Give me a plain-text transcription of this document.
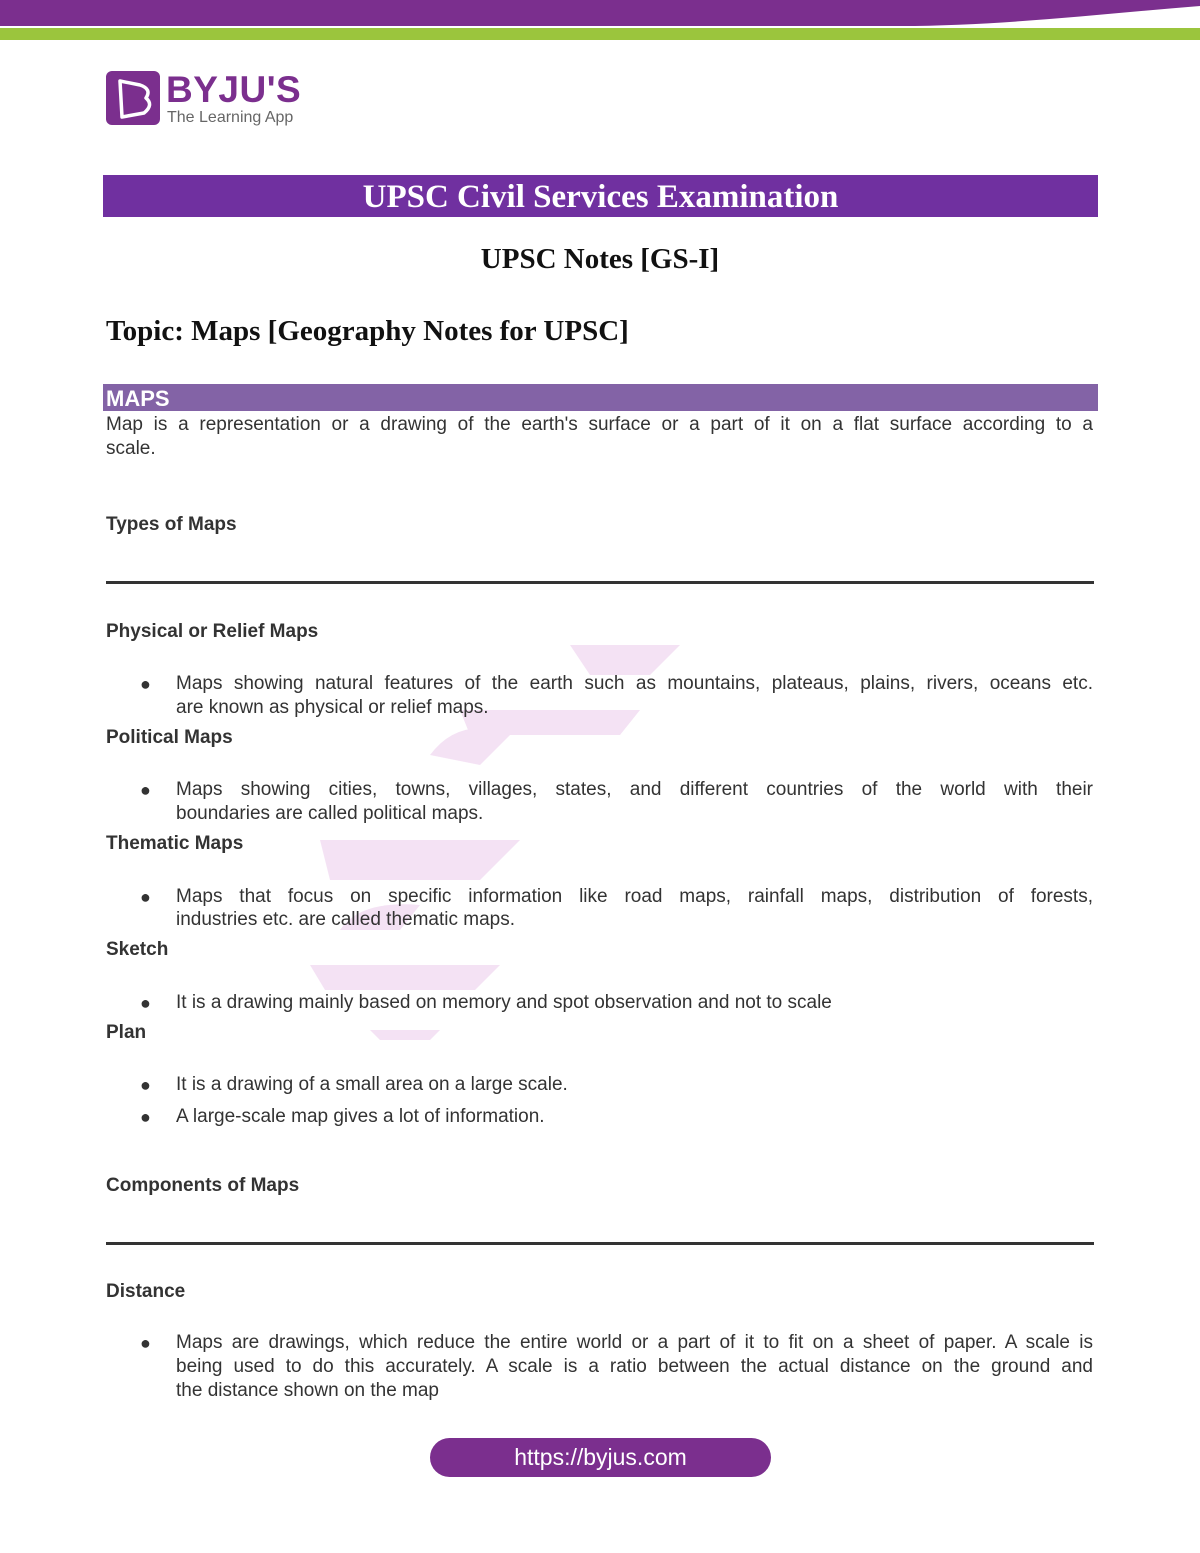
BYJU'S
The Learning App
UPSC Civil Services Examination
UPSC Notes [GS-I]
Topic: Maps [Geography Notes for UPSC]
MAPS
Map is a representation or a drawing of the earth's surface or a part of it on a flat surface according to a
scale.
Types of Maps
Physical or Relief Maps
● Maps showing natural features of the earth such as mountains, plateaus, plains, rivers, oceans etc.
are known as physical or relief maps.
Political Maps
● Maps showing cities, towns, villages, states, and different countries of the world with their
boundaries are called political maps.
Thematic Maps
● Maps that focus on specific information like road maps, rainfall maps, distribution of forests,
industries etc. are called thematic maps.
Sketch
● It is a drawing mainly based on memory and spot observation and not to scale
Plan
● It is a drawing of a small area on a large scale.
● A large-scale map gives a lot of information.
Components of Maps
Distance
● Maps are drawings, which reduce the entire world or a part of it to fit on a sheet of paper. A scale is
being used to do this accurately. A scale is a ratio between the actual distance on the ground and
the distance shown on the map
https://byjus.com
